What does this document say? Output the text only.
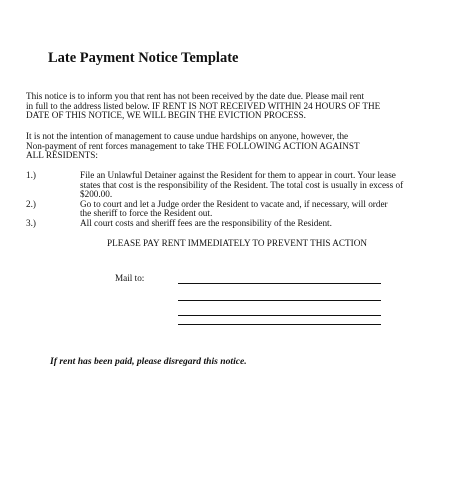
Late Payment Notice Template
This notice is to inform you that rent has not been received by the date due. Please mail rent
in full to the address listed below. IF RENT IS NOT RECEIVED WITHIN 24 HOURS OF THE
DATE OF THIS NOTICE, WE WILL BEGIN THE EVICTION PROCESS.
It is not the intention of management to cause undue hardships on anyone, however, the
Non-payment of rent forces management to take THE FOLLOWING ACTION AGAINST
ALL RESIDENTS:
1.)	File an Unlawful Detainer against the Resident for them to appear in court. Your lease
states that cost is the responsibility of the Resident. The total cost is usually in excess of
$200.00.
2.)	Go to court and let a Judge order the Resident to vacate and, if necessary, will order
the sheriff to force the Resident out.
3.)	All court costs and sheriff fees are the responsibility of the Resident.
PLEASE PAY RENT IMMEDIATELY TO PREVENT THIS ACTION
Mail to:
If rent has been paid, please disregard this notice.
